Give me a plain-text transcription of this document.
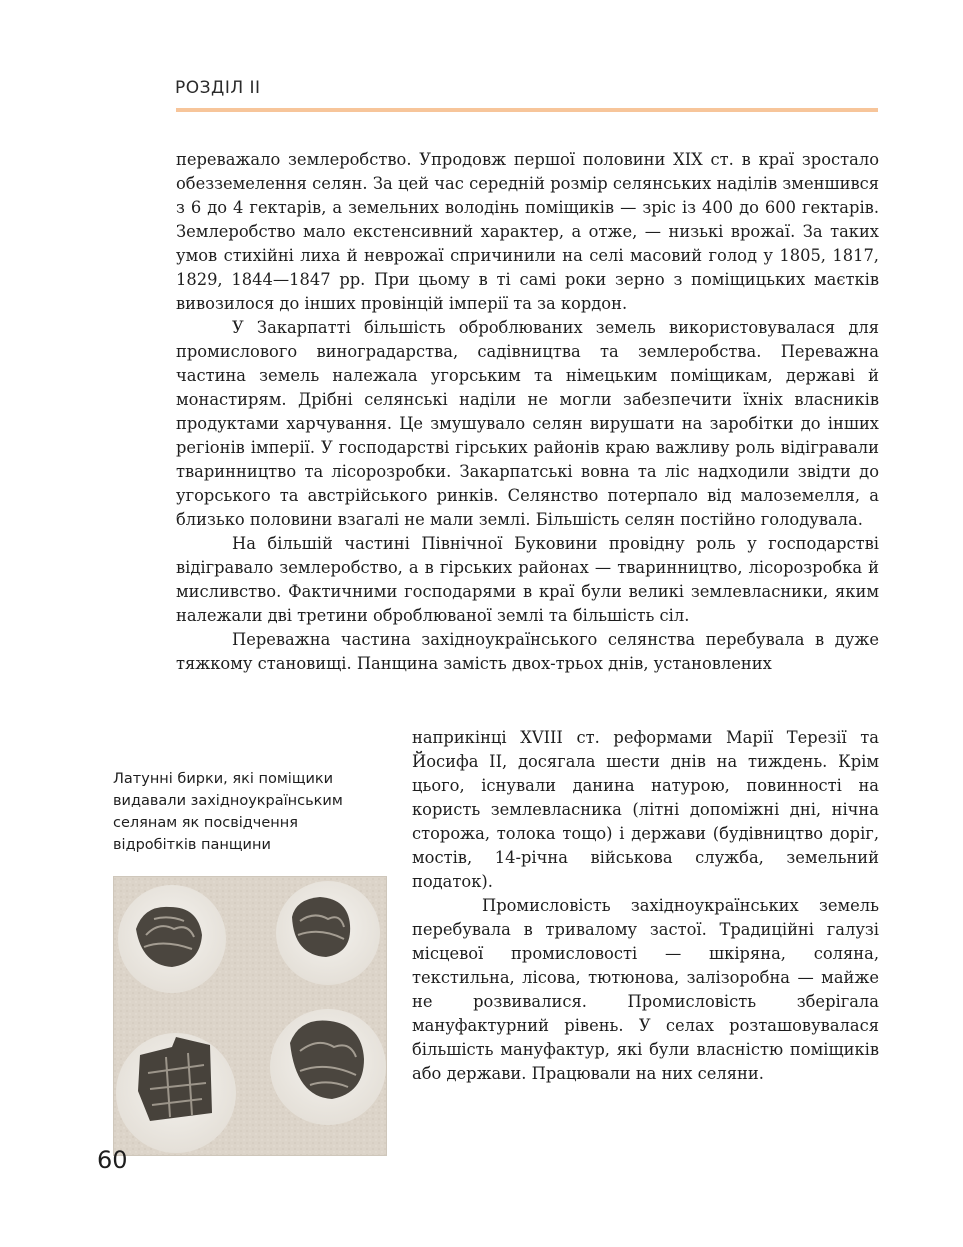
РОЗДІЛ ІІ

переважало землеробство. Упродовж першої половини XIX ст. в краї зростало обезземелення селян. За цей час середній розмір селянських наділів зменшився з 6 до 4 гектарів, а земельних володінь поміщиків — зріс із 400 до 600 гектарів. Землеробство мало екстенсивний характер, а отже, — низькі врожаї. За таких умов стихійні лиха й неврожаї спричинили на селі масовий голод у 1805, 1817, 1829, 1844—1847 рр. При цьому в ті самі роки зерно з поміщицьких маєтків вивозилося до інших провінцій імперії та за кордон.

У Закарпатті більшість оброблюваних земель використовувалася для промислового виноградарства, садівництва та землеробства. Переважна частина земель належала угорським та німецьким поміщикам, державі й монастирям. Дрібні селянські наділи не могли забезпечити їхніх власників продуктами харчування. Це змушувало селян вирушати на заробітки до інших регіонів імперії. У господарстві гірських районів краю важливу роль відігравали тваринництво та лісорозробки. Закарпатські вовна та ліс надходили звідти до угорського та австрійського ринків. Селянство потерпало від малоземелля, а близько половини взагалі не мали землі. Більшість селян постійно голодувала.

На більшій частині Північної Буковини провідну роль у господарстві відігравало землеробство, а в гірських районах — тваринництво, лісорозробка й мисливство. Фактичними господарями в краї були великі землевласники, яким належали дві третини оброблюваної землі та більшість сіл.

Переважна частина західноукраїнського селянства перебувала в дуже тяжкому становищі. Панщина замість двох-трьох днів, установлених

наприкінці XVIII ст. реформами Марії Терезії та Йосифа II, досягала шести днів на тиждень. Крім цього, існували данина натурою, повинності на користь землевласника (літні допоміжні дні, нічна сторожа, толока тощо) і держави (будівництво доріг, мостів, 14-річна військова служба, земельний податок).

Промисловість західноукраїнських земель перебувала в тривалому застої. Традиційні галузі місцевої промисловості — шкіряна, соляна, текстильна, лісова, тютюнова, залізоробна — майже не розвивалися. Промисловість зберігала мануфактурний рівень. У селах розташовувалася більшість мануфактур, які були власністю поміщиків або держави. Працювали на них селяни.

Латунні бирки, які поміщики видавали західноукраїнським селянам як посвідчення відробітків панщини
60
